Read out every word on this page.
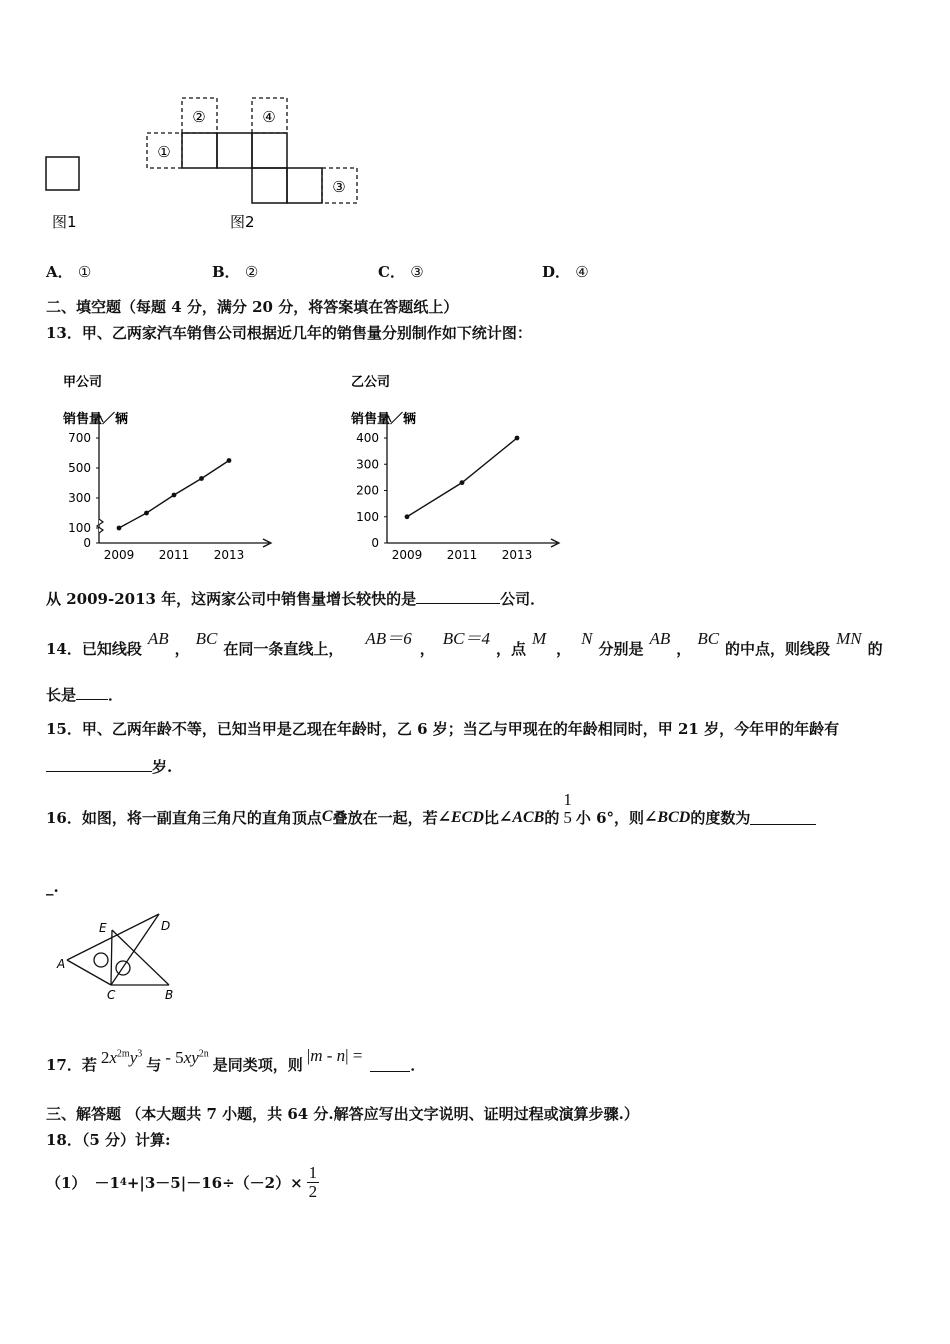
①
②
③
④
图1	图2
A． ①	B． ②	C． ③	D． ④
二、填空题（每题 4 分，满分 20 分，将答案填在答题纸上）
13．甲、乙两家汽车销售公司根据近几年的销售量分别制作如下统计图：
甲公司
销售量／辆
700
500
300
100
0
2009 2011 2013
乙公司
销售量／辆
400
300
200
100
0
2009 2011 2013
从 2009-2013 年，这两家公司中销售量增长较快的是	公司．
14．已知线段AB，BC在同一条直线上，AB＝6，BC＝4，点M，N分别是AB，BC的中点，则线段MN的
长是 ．
15．甲、乙两年龄不等，已知当甲是乙现在年龄时，乙 6 岁；当乙与甲现在的年龄相同时，甲 21 岁，今年甲的年龄有
岁.
16．如图，将一副直角三角尺的直角顶点 C 叠放在一起，若 ∠ECD 比 ∠ACB 的
1
5 小 6°，则 ∠BCD 的度数为
_.
A
E	D
C	B
17．若 $2x^{2m}y^3$
与 - $5xy^{2n}$
是同类项，则 |m - n| =	．
三、解答题 （本大题共 7 小题，共 64 分.解答应写出文字说明、证明过程或演算步骤.）
18．（5 分）计算:
（1） －1 $4 +|3-5|-16\div(-2)\times \frac{1}{2}$
